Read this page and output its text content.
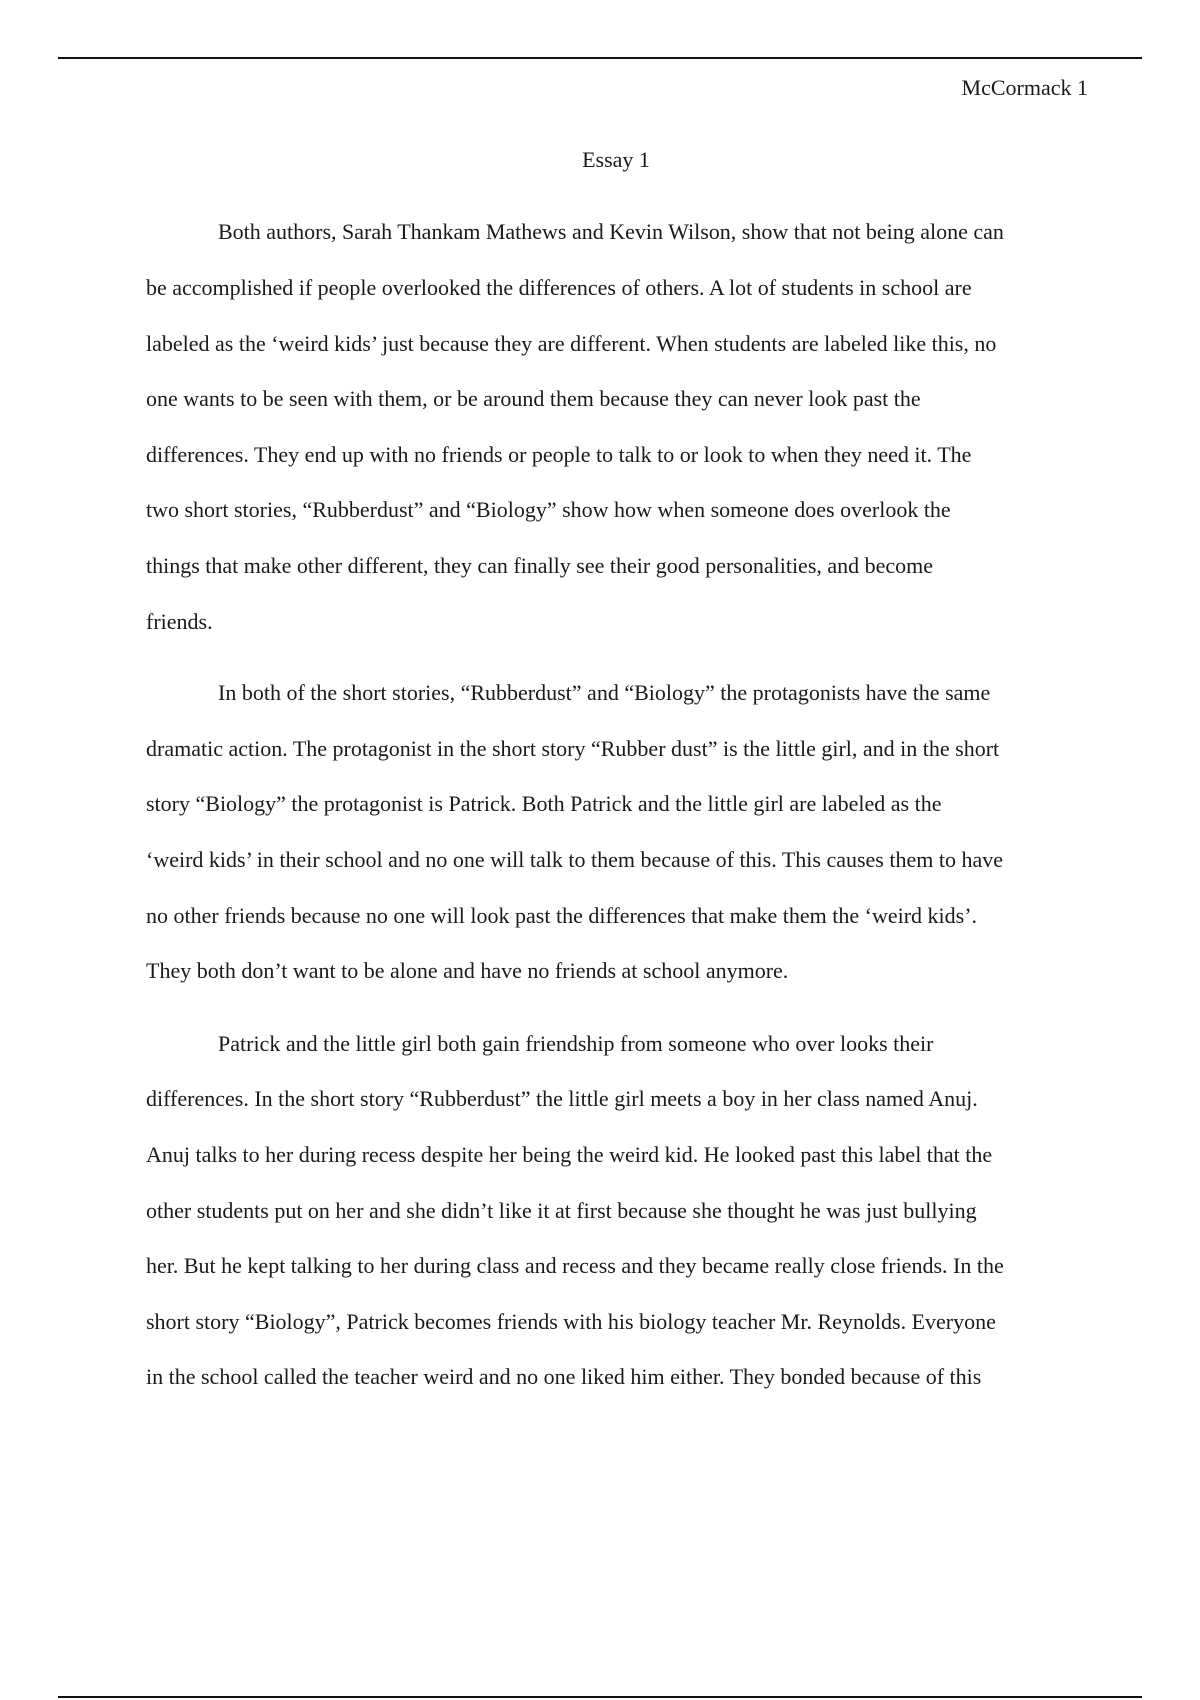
McCormack 1
Essay 1
Both authors, Sarah Thankam Mathews and Kevin Wilson, show that not being alone can
be accomplished if people overlooked the differences of others. A lot of students in school are
labeled as the ‘weird kids’ just because they are different. When students are labeled like this, no
one wants to be seen with them, or be around them because they can never look past the
differences. They end up with no friends or people to talk to or look to when they need it. The
two short stories, “Rubberdust” and “Biology” show how when someone does overlook the
things that make other different, they can finally see their good personalities, and become
friends.
In both of the short stories, “Rubberdust” and “Biology” the protagonists have the same
dramatic action. The protagonist in the short story “Rubber dust” is the little girl, and in the short
story “Biology” the protagonist is Patrick. Both Patrick and the little girl are labeled as the
‘weird kids’ in their school and no one will talk to them because of this. This causes them to have
no other friends because no one will look past the differences that make them the ‘weird kids’.
They both don’t want to be alone and have no friends at school anymore.
Patrick and the little girl both gain friendship from someone who over looks their
differences. In the short story “Rubberdust” the little girl meets a boy in her class named Anuj.
Anuj talks to her during recess despite her being the weird kid. He looked past this label that the
other students put on her and she didn’t like it at first because she thought he was just bullying
her. But he kept talking to her during class and recess and they became really close friends. In the
short story “Biology”, Patrick becomes friends with his biology teacher Mr. Reynolds. Everyone
in the school called the teacher weird and no one liked him either. They bonded because of this
